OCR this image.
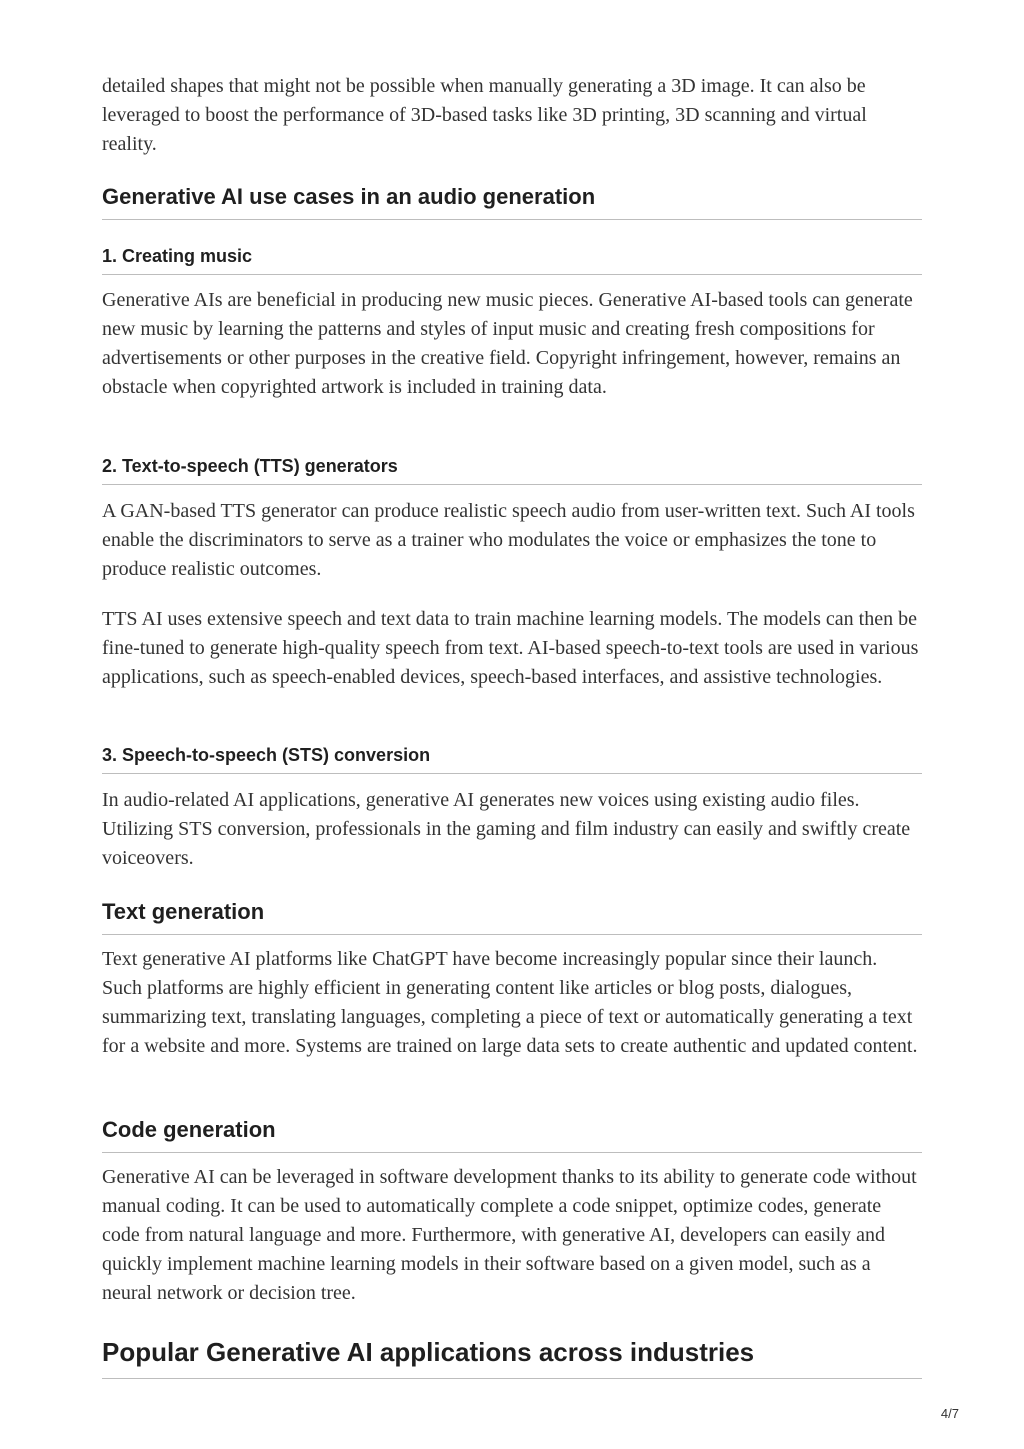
detailed shapes that might not be possible when manually generating a 3D image. It can also be leveraged to boost the performance of 3D-based tasks like 3D printing, 3D scanning and virtual reality.

Generative AI use cases in an audio generation
1. Creating music

Generative AIs are beneficial in producing new music pieces. Generative AI-based tools can generate new music by learning the patterns and styles of input music and creating fresh compositions for advertisements or other purposes in the creative field. Copyright infringement, however, remains an obstacle when copyrighted artwork is included in training data.

2. Text-to-speech (TTS) generators

A GAN-based TTS generator can produce realistic speech audio from user-written text. Such AI tools enable the discriminators to serve as a trainer who modulates the voice or emphasizes the tone to produce realistic outcomes.

TTS AI uses extensive speech and text data to train machine learning models. The models can then be fine-tuned to generate high-quality speech from text. AI-based speech-to-text tools are used in various applications, such as speech-enabled devices, speech-based interfaces, and assistive technologies.

3. Speech-to-speech (STS) conversion

In audio-related AI applications, generative AI generates new voices using existing audio files. Utilizing STS conversion, professionals in the gaming and film industry can easily and swiftly create voiceovers.

Text generation

Text generative AI platforms like ChatGPT have become increasingly popular since their launch. Such platforms are highly efficient in generating content like articles or blog posts, dialogues, summarizing text, translating languages, completing a piece of text or automatically generating a text for a website and more. Systems are trained on large data sets to create authentic and updated content.

Code generation

Generative AI can be leveraged in software development thanks to its ability to generate code without manual coding. It can be used to automatically complete a code snippet, optimize codes, generate code from natural language and more. Furthermore, with generative AI, developers can easily and quickly implement machine learning models in their software based on a given model, such as a neural network or decision tree.

Popular Generative AI applications across industries
4/7
